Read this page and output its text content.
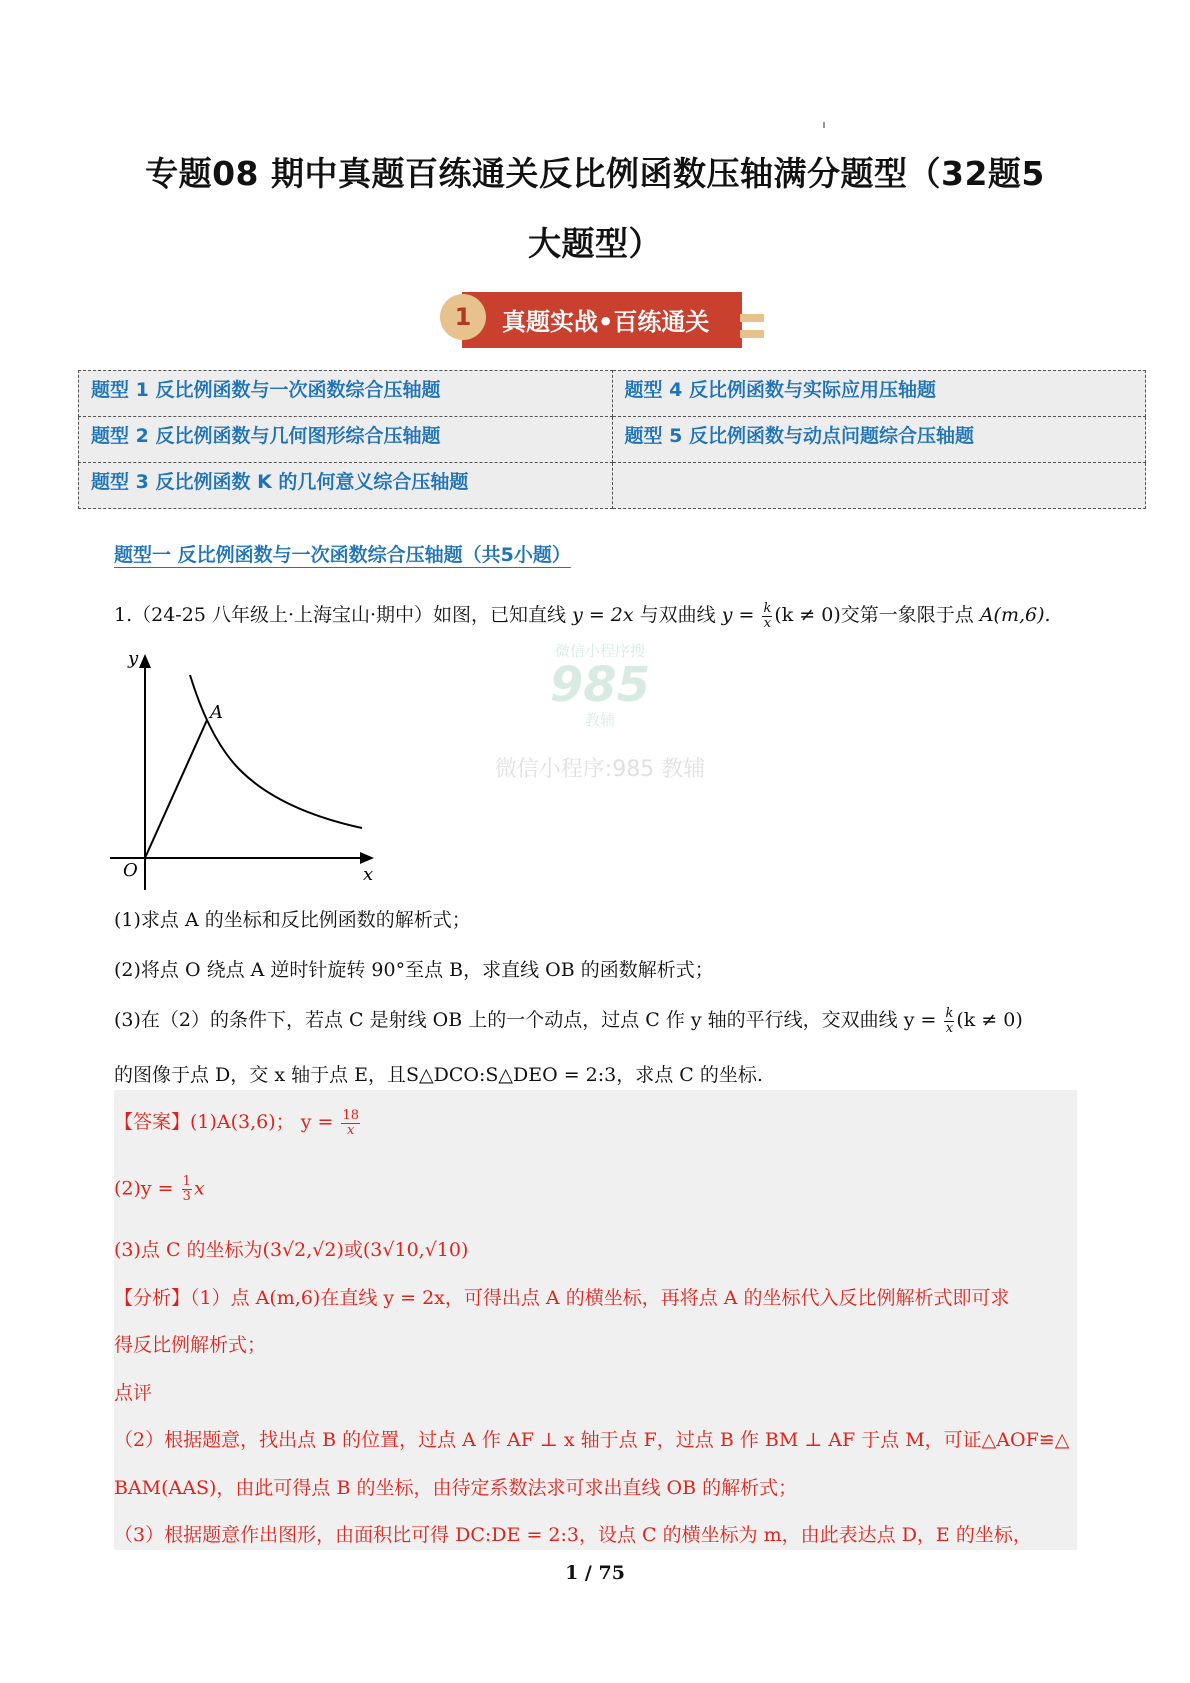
专题08 期中真题百练通关反比例函数压轴满分题型（32题5
大题型）
1	真题实战•百练通关
题型 1 反比例函数与一次函数综合压轴题	题型 4 反比例函数与实际应用压轴题
题型 2 反比例函数与几何图形综合压轴题	题型 5 反比例函数与动点问题综合压轴题
题型 3 反比例函数 K 的几何意义综合压轴题	
题型一 反比例函数与一次函数综合压轴题（共5小题）
1.（24-25 八年级上·上海宝山·期中）如图，已知直线 y = 2x 与双曲线 $y = \frac{k}{x} (k \ne 0)$交第一象限于点 A(m,6).
y
x
O
A
微信小程序搜
985
教辅
微信小程序:985 教辅
(1)求点 A 的坐标和反比例函数的解析式；
(2)将点 O 绕点 A 逆时针旋转 90°至点 B，求直线 OB 的函数解析式；
(3)在（2）的条件下，若点 C 是射线 OB 上的一个动点，过点 C 作 y 轴的平行线，交双曲线 $y = \frac{k}{x} (k \ne 0)$
的图像于点 D，交 x 轴于点 E，且S△DCO:S△DEO = 2:3，求点 C 的坐标.
【答案】(1)A(3,6)； $y = \frac{18}{x}$
$(2)y = \frac{1}{3}$ x
(3)点 C 的坐标为(3√2,√2)或(3√10,√10)
【分析】（1）点 A(m,6)在直线 y = 2x，可得出点 A 的横坐标，再将点 A 的坐标代入反比例解析式即可求
得反比例解析式；
点评
（2）根据题意，找出点 B 的位置，过点 A 作 AF ⊥ x 轴于点 F，过点 B 作 BM ⊥ AF 于点 M，可证△AOF≌△
BAM(AAS)，由此可得点 B 的坐标，由待定系数法求可求出直线 OB 的解析式；
（3）根据题意作出图形，由面积比可得 DC:DE = 2:3，设点 C 的横坐标为 m，由此表达点 D，E 的坐标，
1 / 75
